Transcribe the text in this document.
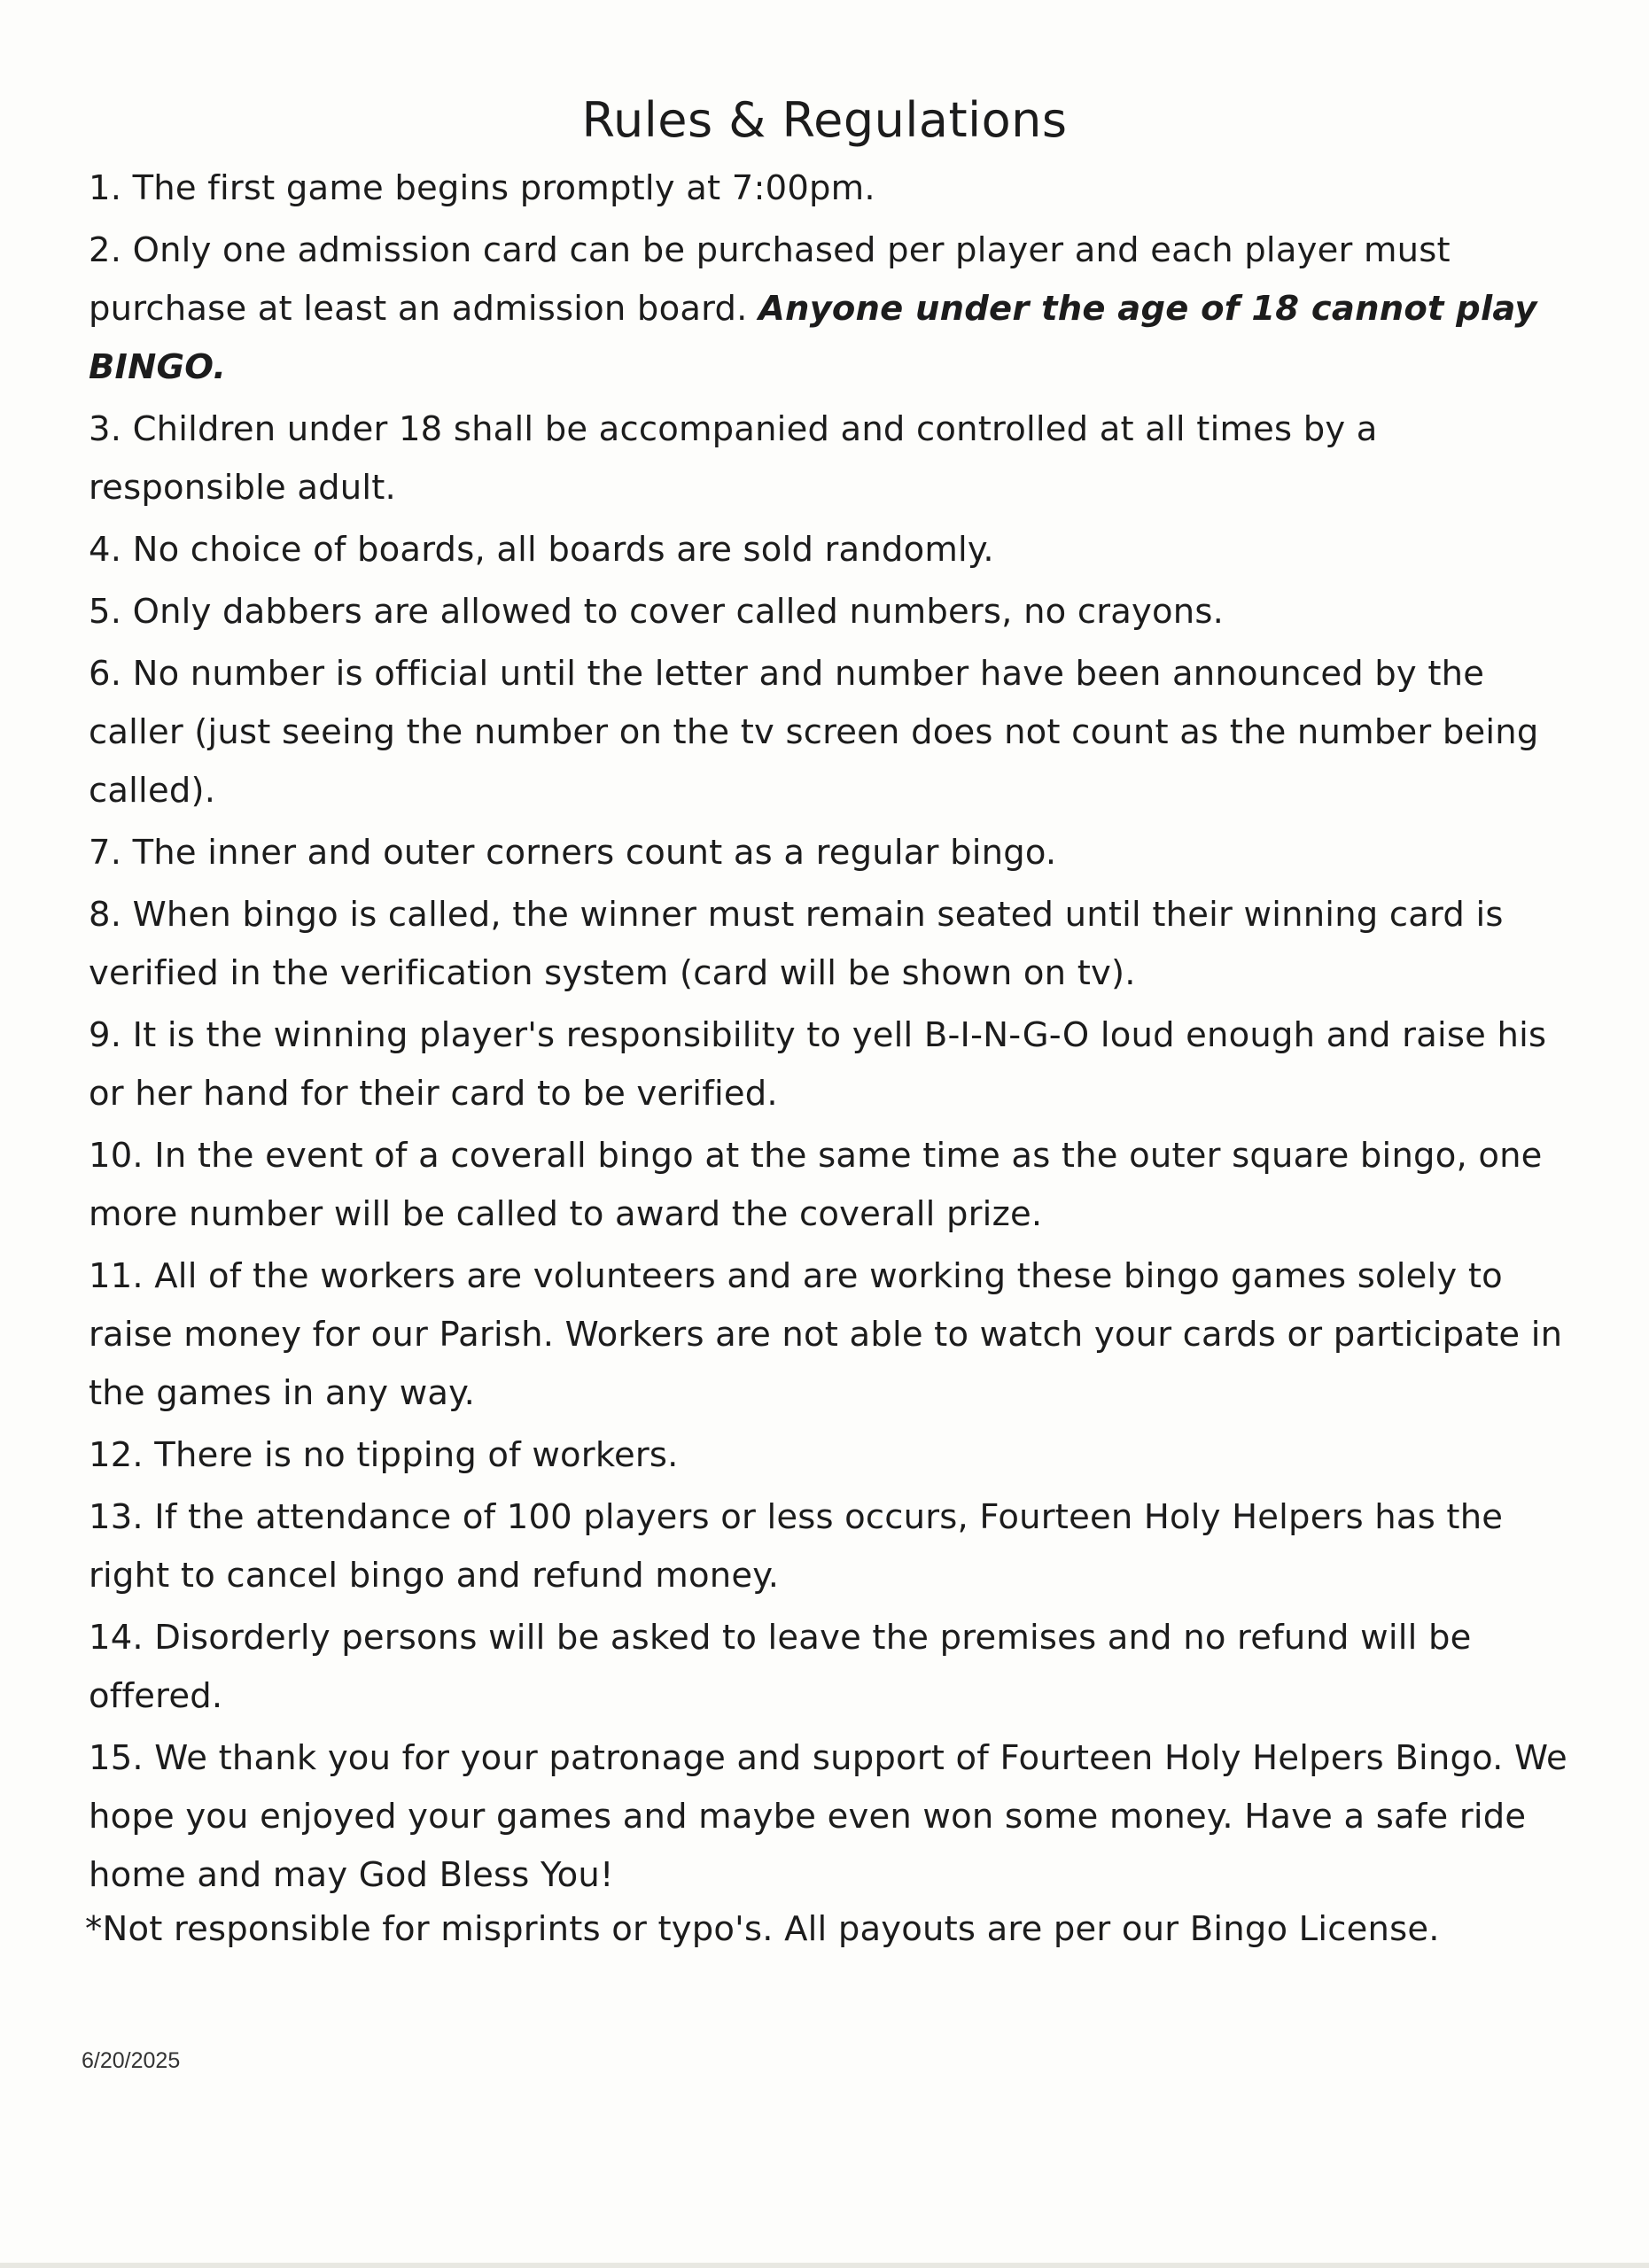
Rules & Regulations
1. The first game begins promptly at 7:00pm.
2. Only one admission card can be purchased per player and each player must purchase at least an admission board. Anyone under the age of 18 cannot play BINGO.
3. Children under 18 shall be accompanied and controlled at all times by a responsible adult.
4. No choice of boards, all boards are sold randomly.
5. Only dabbers are allowed to cover called numbers, no crayons.
6. No number is official until the letter and number have been announced by the caller (just seeing the number on the tv screen does not count as the number being called).
7. The inner and outer corners count as a regular bingo.
8. When bingo is called, the winner must remain seated until their winning card is verified in the verification system (card will be shown on tv).
9. It is the winning player's responsibility to yell B-I-N-G-O loud enough and raise his or her hand for their card to be verified.
10. In the event of a coverall bingo at the same time as the outer square bingo, one more number will be called to award the coverall prize.
11. All of the workers are volunteers and are working these bingo games solely to raise money for our Parish. Workers are not able to watch your cards or participate in the games in any way.
12. There is no tipping of workers.
13. If the attendance of 100 players or less occurs, Fourteen Holy Helpers has the right to cancel bingo and refund money.
14. Disorderly persons will be asked to leave the premises and no refund will be offered.
15. We thank you for your patronage and support of Fourteen Holy Helpers Bingo. We hope you enjoyed your games and maybe even won some money. Have a safe ride home and may God Bless You!
*Not responsible for misprints or typo's. All payouts are per our Bingo License.
6/20/2025
